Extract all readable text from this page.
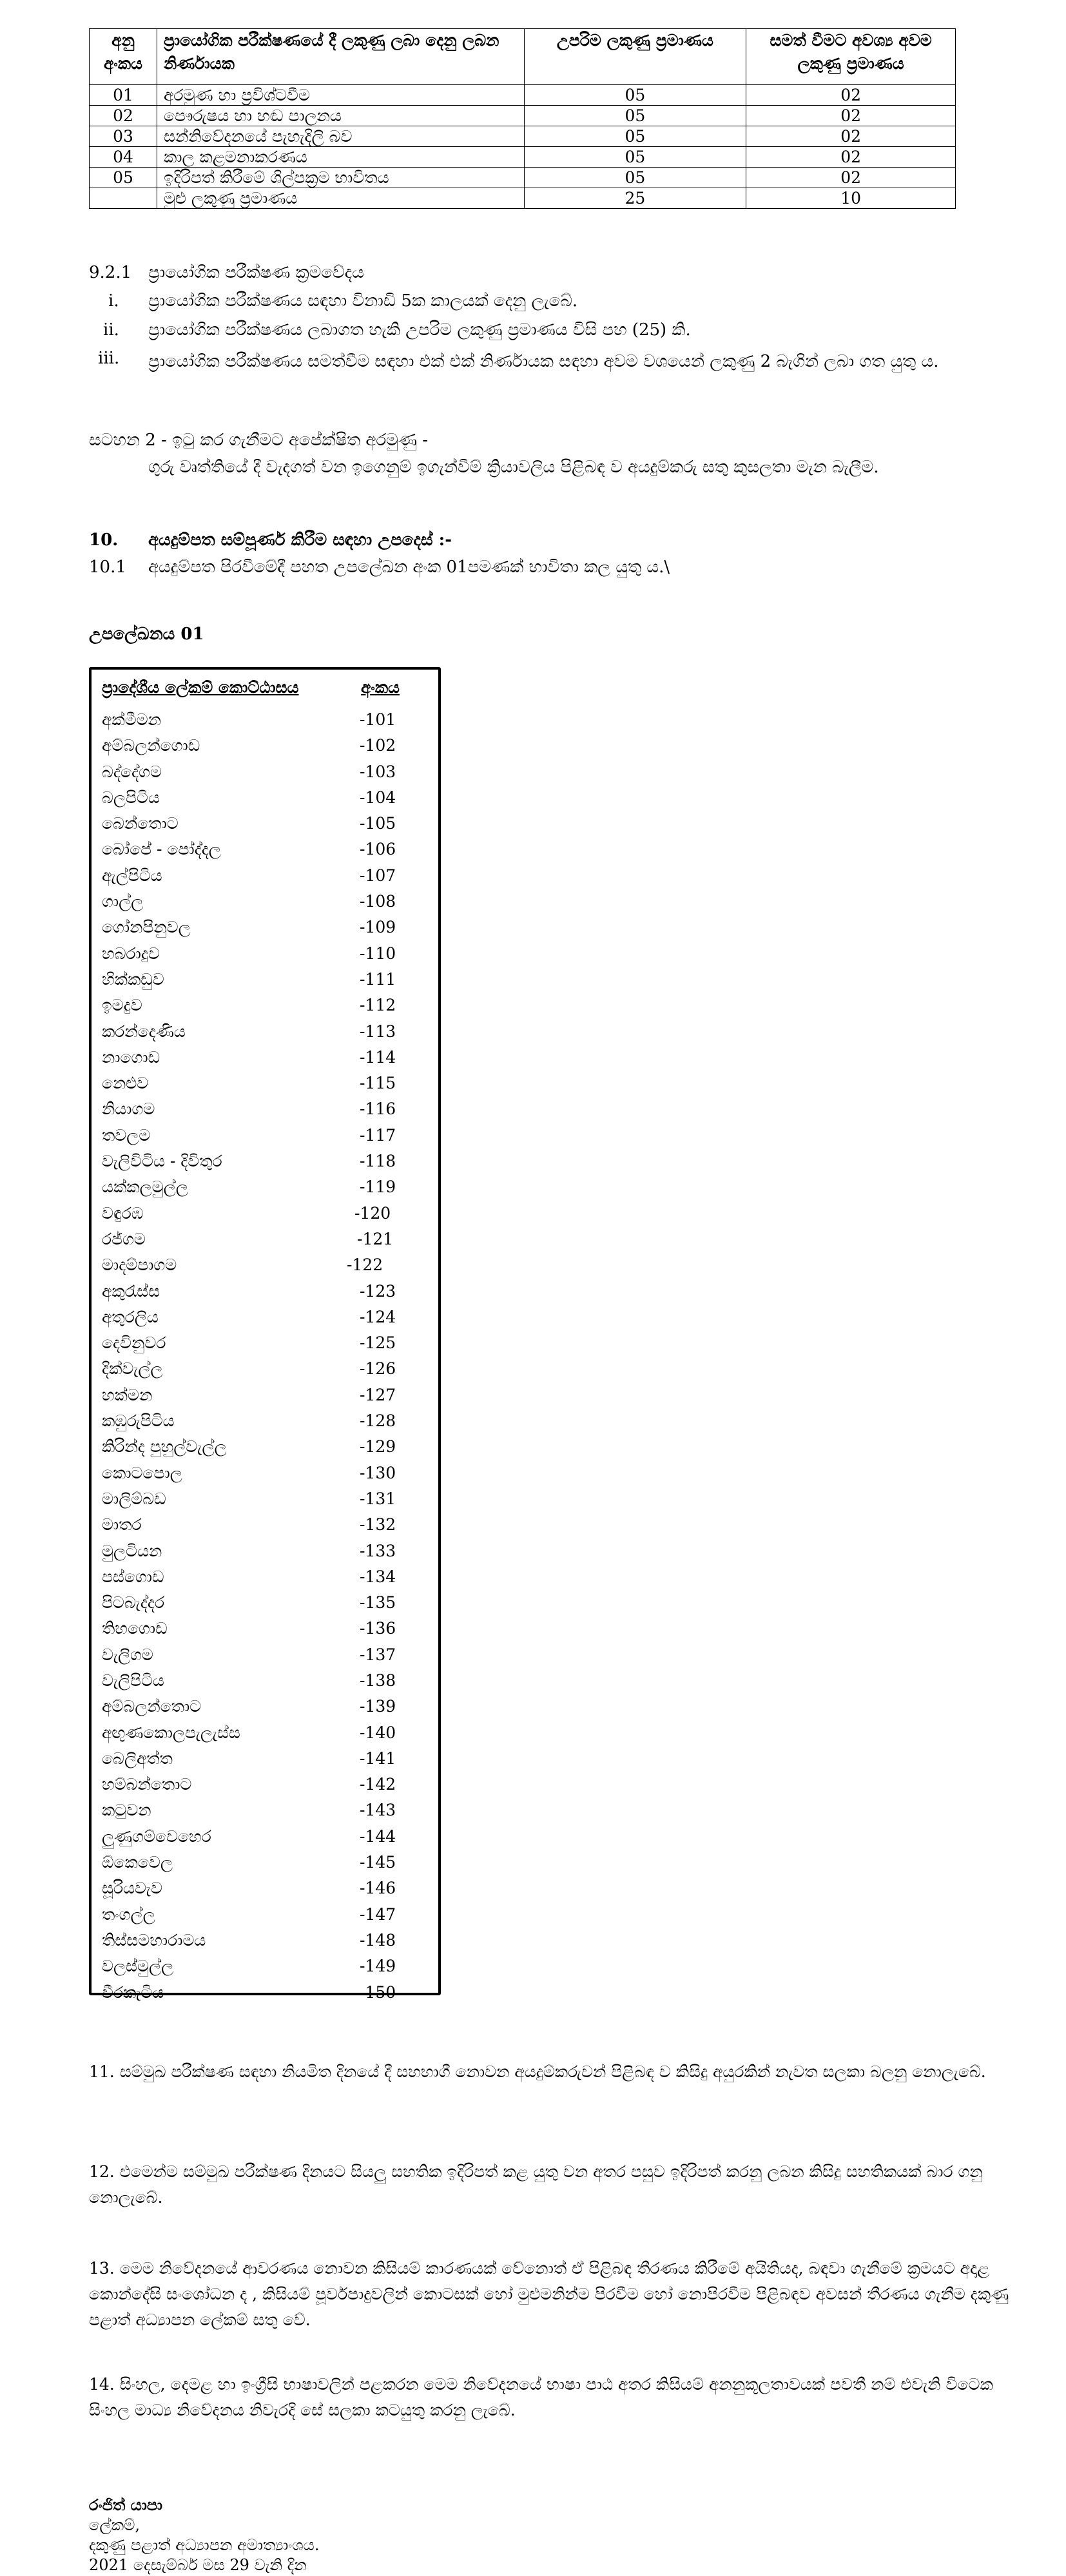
අනු අංකය	ප්‍රායෝගික පරීක්ෂණයේ දී ලකුණු ලබා දෙනු ලබන නිර්ණායක	උපරිම ලකුණු ප්‍රමාණය	සමත් වීමට අවශ්‍ය අවම ලකුණු ප්‍රමාණය
01	අරමුණ හා ප්‍රවිශ්ටවීම	05	02
02	පෞරුෂය හා හඬ පාලනය	05	02
03	සන්නිවේදනයේ පැහැදිලි බව	05	02
04	කාල කළමනාකරණය	05	02
05	ඉදිරිපත් කිරීමේ ශිල්පක්‍රම භාවිතය	05	02
	මුළු ලකුණු ප්‍රමාණය	25	10
9.2.1 ප්‍රායෝගික පරීක්ෂණ ක්‍රමවේදය
i. ප්‍රායෝගික පරීක්ෂණය සඳහා විනාඩි 5ක කාලයක් දෙනු ලැබේ.
ii. ප්‍රායෝගික පරීක්ෂණය ලබාගත හැකි උපරිම ලකුණු ප්‍රමාණය විසි පහ (25) කි.
iii. ප්‍රායෝගික පරීක්ෂණය සමත්වීම සඳහා එක් එක් නිර්ණායක සඳහා අවම වශයෙන් ලකුණු 2 බැගින් ලබා ගත යුතු ය.
සටහන 2 - ඉටු කර ගැනීමට අපේක්ෂිත අරමුණු -
ගුරු වෘත්තියේ දී වැදගත් වන ඉගෙනුම් ඉගැන්වීම් ක්‍රියාවලිය පිළිබඳ ව අයදුම්කරු සතු කුසලතා මැන බැලීම.
10. අයදුම්පත සම්පූර්ණ කිරීම සඳහා උපදෙස් :-
10.1 අයදුම්පත පිරවීමේදී පහත උපලේඛන අංක 01පමණක් භාවිතා කල යුතු ය.\
උපලේඛනය 01
ප්‍රාදේශීය ලේකම් කොට්ඨාසය	අංකය
අක්මීමන	-101
අම්බලන්ගොඩ	-102
බද්දේගම	-103
බලපිටිය	-104
බෙන්තොට	-105
බෝපේ - පෝද්දල	-106
ඇල්පිටිය	-107
ගාල්ල	-108
ගෝනපිනුවල	-109
හබරාදුව	-110
හික්කඩුව	-111
ඉමදුව	-112
කරන්දෙණිය	-113
නාගොඩ	-114
නෙළුව	-115
නියාගම	-116
තවලම	-117
වැලිවිටිය - දිවිතුර	-118
යක්කලමුල්ල	-119
වඳුරඹ	-120
රජ්ගම	-121
මාදම්පාගම	-122
අකුරැස්ස	-123
අතුරලිය	-124
දෙවිනුවර	-125
දික්වැල්ල	-126
හක්මන	-127
කඹුරුපිටිය	-128
කිරින්ද පුහුල්වැල්ල	-129
කොටපොල	-130
මාලිම්බඩ	-131
මාතර	-132
මුලටියන	-133
පස්ගොඩ	-134
පිටබැද්දර	-135
තිහගොඩ	-136
වැලිගම	-137
වැලිපිටිය	-138
අම්බලන්තොට	-139
අඟුණකොලපැලැස්ස	-140
බෙලිඅත්ත	-141
හම්බන්තොට	-142
කටුවන	-143
ලුණුගම්වෙහෙර	-144
ඕකෙවෙල	-145
සූරියවැව	-146
තංගල්ල	-147
තිස්සමහාරාමය	-148
වලස්මුල්ල	-149
වීරකැටිය	-150
11. සම්මුඛ පරීක්ෂණ සඳහා නියමිත දිනයේ දී සහභාගී නොවන අයදුම්කරුවන් පිළිබඳ ව කිසිදු අයුරකින් නැවත සලකා බලනු නොලැබේ.
12. එමෙන්ම සම්මුඛ පරීක්ෂණ දිනයට සියලු සහතික ඉදිරිපත් කළ යුතු වන අතර පසුව ඉදිරිපත් කරනු ලබන කිසිදු සහතිකයක් බාර ගනු නොලැබේ.
13. මෙම නිවේදනයේ ආවරණය නොවන කිසියම් කාරණයක් වේනොත් ඒ පිළිබඳ තීරණය කිරීමේ අයිතියද, බඳවා ගැනීමේ ක්‍රමයට අදාළ කොන්දේසි සංශෝධන ද , කිසියම් පූර්වපාදුවලින් කොටසක් හෝ මුළුමනින්ම පිරවීම හෝ නොපිරවීම පිළිබඳව අවසන් තීරණය ගැනීම දකුණු පළාත් අධ්‍යාපන ලේකම් සතු වේ.
14. සිංහල, දෙමළ හා ඉංග්‍රීසි භාෂාවලින් පළකරන මෙම නිවේදනයේ භාෂා පාඨ අතර කිසියම් අනනුකූලතාවයක් පවතී නම් එවැනි විටෙක සිංහල මාධ්‍ය නිවේදනය නිවැරදි සේ සලකා කටයුතු කරනු ලැබේ.
රංජිත් යාපා
ලේකම්,
දකුණු පළාත් අධ්‍යාපන අමාත්‍යාංශය.
2021 දෙසැම්බර් මස 29 වැනි දින
